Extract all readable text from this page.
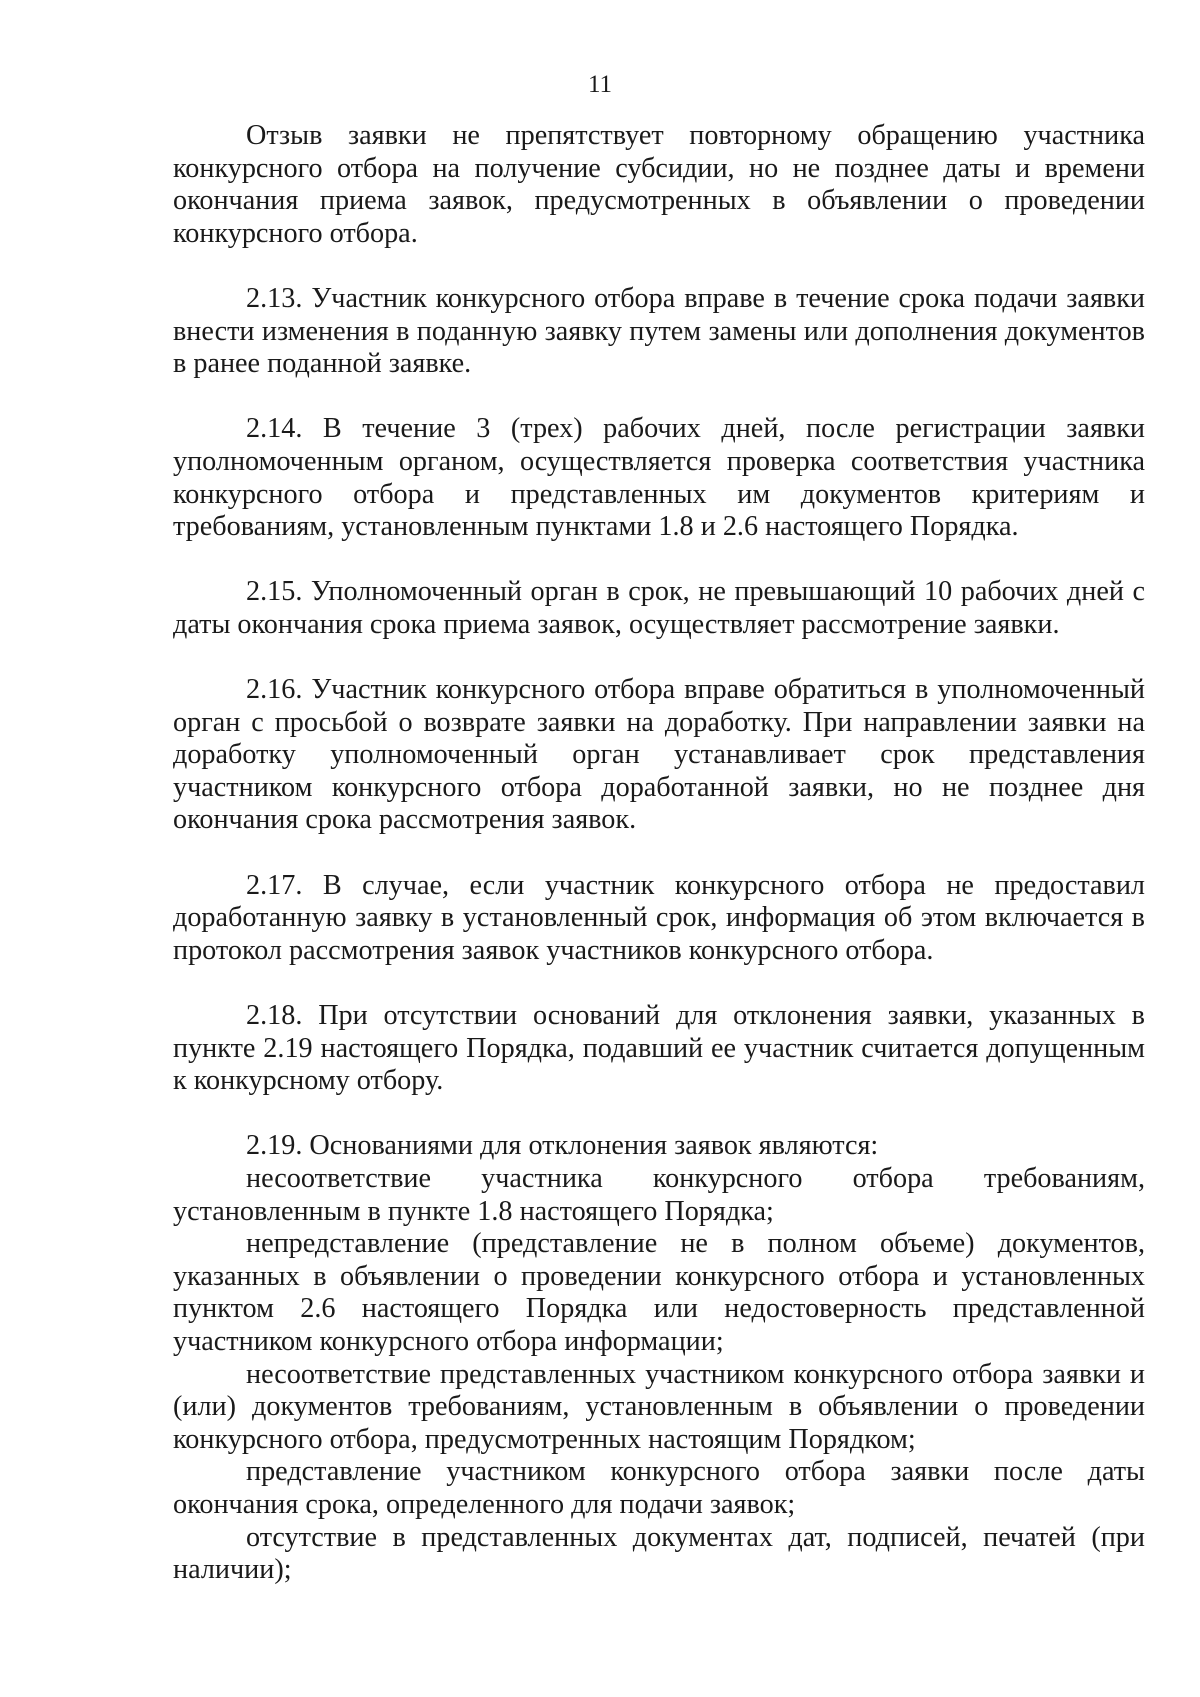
11

Отзыв заявки не препятствует повторному обращению участника конкурсного отбора на получение субсидии, но не позднее даты и времени окончания приема заявок, предусмотренных в объявлении о проведении конкурсного отбора.

2.13. Участник конкурсного отбора вправе в течение срока подачи заявки внести изменения в поданную заявку путем замены или дополнения документов в ранее поданной заявке.

2.14. В течение 3 (трех) рабочих дней, после регистрации заявки уполномоченным органом, осуществляется проверка соответствия участника конкурсного отбора и представленных им документов критериям и требованиям, установленным пунктами 1.8 и 2.6 настоящего Порядка.

2.15. Уполномоченный орган в срок, не превышающий 10 рабочих дней с даты окончания срока приема заявок, осуществляет рассмотрение заявки.

2.16. Участник конкурсного отбора вправе обратиться в уполномоченный орган с просьбой о возврате заявки на доработку. При направлении заявки на доработку уполномоченный орган устанавливает срок представления участником конкурсного отбора доработанной заявки, но не позднее дня окончания срока рассмотрения заявок.

2.17. В случае, если участник конкурсного отбора не предоставил доработанную заявку в установленный срок, информация об этом включается в протокол рассмотрения заявок участников конкурсного отбора.

2.18. При отсутствии оснований для отклонения заявки, указанных в пункте 2.19 настоящего Порядка, подавший ее участник считается допущенным к конкурсному отбору.

2.19. Основаниями для отклонения заявок являются:

несоответствие участника конкурсного отбора требованиям, установленным в пункте 1.8 настоящего Порядка;

непредставление (представление не в полном объеме) документов, указанных в объявлении о проведении конкурсного отбора и установленных пунктом 2.6 настоящего Порядка или недостоверность представленной участником конкурсного отбора информации;

несоответствие представленных участником конкурсного отбора заявки и (или) документов требованиям, установленным в объявлении о проведении конкурсного отбора, предусмотренных настоящим Порядком;

представление участником конкурсного отбора заявки после даты окончания срока, определенного для подачи заявок;

отсутствие в представленных документах дат, подписей, печатей (при наличии);
